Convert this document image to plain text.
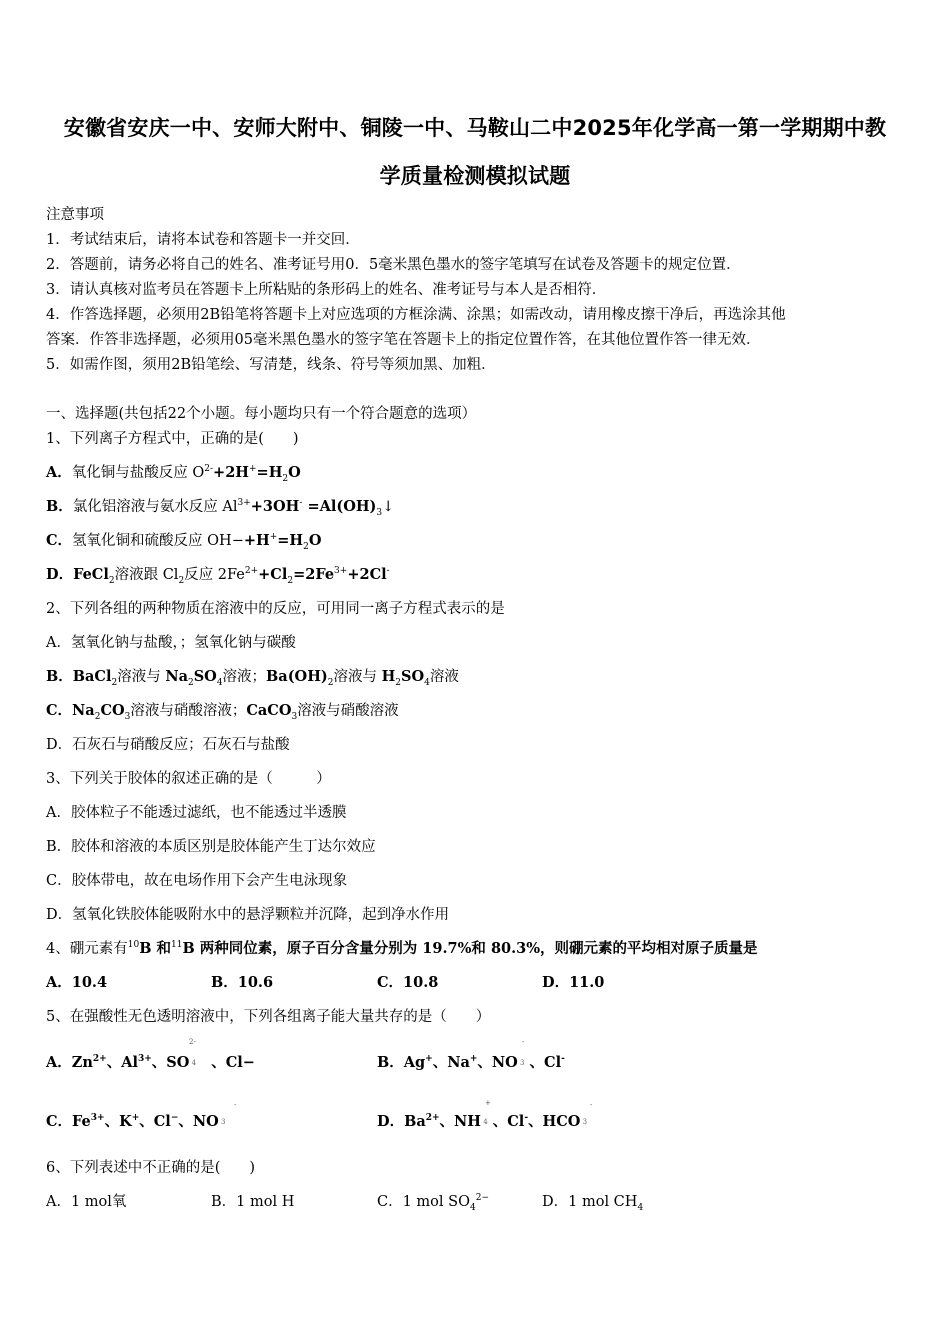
安徽省安庆一中、安师大附中、铜陵一中、马鞍山二中2025年化学高一第一学期期中教
学质量检测模拟试题
注意事项
1．考试结束后，请将本试卷和答题卡一并交回．
2．答题前，请务必将自己的姓名、准考证号用0．5毫米黑色墨水的签字笔填写在试卷及答题卡的规定位置．
3．请认真核对监考员在答题卡上所粘贴的条形码上的姓名、准考证号与本人是否相符．
4．作答选择题，必须用2B铅笔将答题卡上对应选项的方框涂满、涂黑；如需改动，请用橡皮擦干净后，再选涂其他
答案．作答非选择题，必须用05毫米黑色墨水的签字笔在答题卡上的指定位置作答，在其他位置作答一律无效．
5．如需作图，须用2B铅笔绘、写清楚，线条、符号等须加黑、加粗．
一、选择题(共包括22个小题。每小题均只有一个符合题意的选项）
1、下列离子方程式中，正确的是(　　)
A．氧化铜与盐酸反应 $O^{2-}+2H^+=H_2O$
B．氯化铝溶液与氨水反应 $Al^{3+}+3OH^-$ $=Al(OH)_3↓$
C．氢氧化铜和硫酸反应 $OH-+H^+=H_2O$
D．FeCl$_2$溶液跟 $Cl_2$反应 $2Fe^{2+}+Cl_2=2Fe^{3+}+2Cl^-$
2、下列各组的两种物质在溶液中的反应，可用同一离子方程式表示的是
A．氢氧化钠与盐酸，；氢氧化钠与碳酸
B．BaCl$_2$溶液与 $Na_2SO_4$溶液；$Ba(OH)_2$溶液与 $H_2SO_4$溶液
C．$Na_2CO_3$溶液与硝酸溶液；CaCO$_3$溶液与硝酸溶液
D．石灰石与硝酸反应；石灰石与盐酸
3、下列关于胶体的叙述正确的是（　　　）
A．胶体粒子不能透过滤纸，也不能透过半透膜
B．胶体和溶液的本质区别是胶体能产生丁达尔效应
C．胶体带电，故在电场作用下会产生电泳现象
D．氢氧化铁胶体能吸附水中的悬浮颗粒并沉降，起到净水作用
4、硼元素有$^{10}$B 和$^{11}$B 两种同位素，原子百分含量分别为 19.7%和 80.3%，则硼元素的平均相对原子质量是
A．10.4	B．10.6	C．10.8	D．11.0
5、在强酸性无色透明溶液中，下列各组离子能大量共存的是（　　）
A．$Zn^{2+}$、$Al^{3+}$、SO 4   、Cl−
2-
B．Ag+、Na+、NO 3 、Cl-
-
C．$Fe^{3+}$、K+、Cl−、NO 3
-
D．$Ba^{2+}$、NH 4 、Cl-、HCO 3
+	-
6、下列表述中不正确的是(　　)
A．1 mol氧	B．1 mol H	C．1 mol $SO_4^{2-}$	D．1 mol $CH_4$
